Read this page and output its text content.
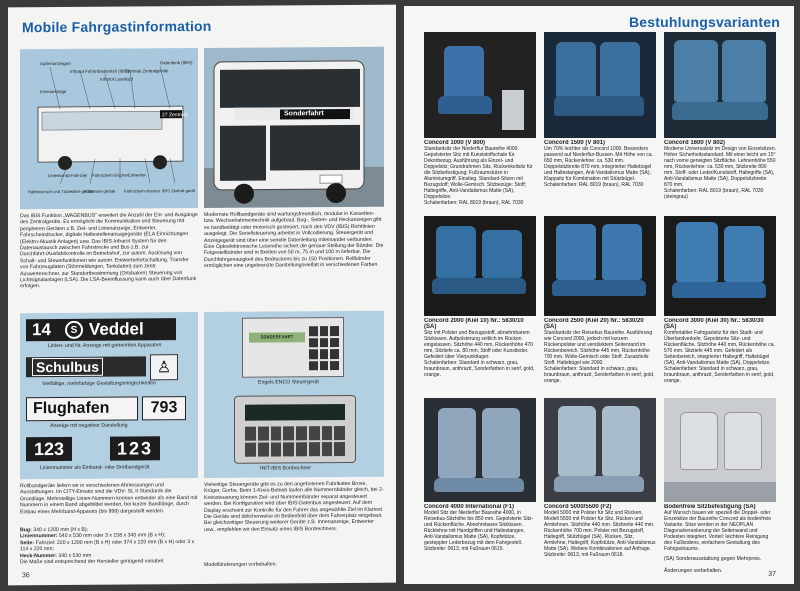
Mobile Fahrgastinformation
27 Zentrum
Außenanzeigen
Infrarot Fahrerbedienteil (IBIS)
Infrarot Lesekopf
Zentrale Zentralgeräte
Datenfunk (IBIS)
Innenanzeige
Linienschild Fahrtziel Fahrschein-drucker Entwerter
Haltewunsch und Türbedien-geräte
Türsteuer-geräte Fahrschein-drucker IBIS Zentral-gerät
Sonderfahrt
Das IBIS Funktion „WAGENBUS" erweitert die Anzahl der Ein- und Ausgänge des Zentralgeräts. Es ermöglicht die Kommunikation und Steuerung mit peripheren Geräten z.B. Ziel- und Linienanzeige, Entwerter, Fahrscheindrucker, digitale Haltestellenansagegeräte (ELA Einrichtungen (Elektro-Akustik Anlagen) usw. Das IBIS-Infrarot System für den Datenaustausch zwischen Fahrstrecke und Bus z.B. zur Durchfahrt-/Ausfahrkontrolle im Betriebshof, zur autom. Auslösung von Schalt- und Steuerfunktionen wie autom. Entwerterfortschaltung, Transfer von Fahrzeugdaten (Störmeldungen, Tankdaten) zum zentr. Auswerterechner, zur Standortbestimmung (Ortsbaken) Steuerung von Lichtsignalanlagen (LSA). Die LSA-Beeinflussung kann auch über Datenfunk erfolgen.
Modernste Rollbandgeräte sind wartungsfreundlich, modular in Kassetten- bzw. Wechselrahmentechnik aufgebaut. Bug-, Seiten- und Heckanzeigen gibt es handbetätigt oder motorisch gesteuert, nach den VDV (IBIS) Richtlinien ausgelegt. Die Seriellsteuerung arbeitet in Vollcodierung. Steuergerät und Anzeigegerät sind über eine serielle Datenleitung miteinander verbunden. Eine Optoelektronische Lesereihe sichert die genaue Stellung der Bänder. Die Folgestellbänder sind in Breiten von 50 m, 75 m und 100 m lieferbar. Die Durchfahrgenauigkeit des Bedruckens bis zu 150 Positionen. Rollbänder ermöglichen eine ungebrenzte Darstellungsvielfalt in verschiedenen Farben.
14	S Veddel
Linien- und Nr. Anzeige mit getrennten Apparaten
Schulbus	♙
Vielfältige, mehrfarbige Gestaltungsmöglichkeiten
Flughafen	793
Anzeige mit negativer Darstellung
123	123
Liniennummer als Einband- oder Dreibandgerät
SONDERFAHRT
Engels ENCO Steuergerät
INIT-IBIS Bordrechner
Rollbandgeräte liefern wir in verschiedenen Abmessungen und Ausstattungen. Im CITY-Einsatz sind die VDV- SL II Standards die Grundlage. Mehrstellige Linien-Nummern können entweder als eine Band mit Nummern in einem Band abgebildet werden, bei kurzer Bandlänge, durch Einbau eines Mehrband-Apparats (bis 999) dargestellt werden.
Bug: 340 x 1200 mm (H x B);
Liniennummer: 540 x 530 mm oder 3 x 158 x 340 mm (B x H);
Seite: Fahrziel: 220 x 1200 mm (B x H) oder 374 x 220 mm (B x H) oder 3 x 114 x 220 mm;
Heck-Nummer: 340 x 530 mm
Die Maße sind entsprechend der Hersteller genügend variabel.
Vielseitige Steuergeräte gibt es zu den angebotenen Fabrikaten Brose, Krüger, Gorba. Beim 1-Kreis-Betrieb laufen alle Nummernbänder gleich, bei 2-Kreissteuerung können Ziel- und Nummernbänder separat angesteuert werden. Bei Konfiguration wird über IBIS-Datenbus angesteuert. Auf dem Display erscheint zur Kontrolle für den Fahrer das angewählte Ziel im Klartext. Die Geräte sind üblicherweise im Bedienfeld über dem Fahrerplatz eingebaut. Bei gleichzeitiger Steuerung weiterer Geräte z.B. Innenanzeige, Entwerter usw., empfehlen wir den Einsatz eines IBIS Bordrechners.
Modelländerungen vorbehalten.
36
Bestuhlungsvarianten
Concord 1000 (V 800)
Standardsitz der Niederflur Baureihe 4000. Gepolsterter Sitz mit Kunststoffschale für Dekorbezug. Ausführung als Einzel- und Doppelsitz; Grundrahmen Sitz, Rückenkeilsitz für die Sitzbefestigung; Fußraumstütze in Aluminiumgriff. Einstieg. Standard-Sitzen mit Bezugstoff; Wolle-Gemisch. Sitzbezüge: Stoff; Haltegriffe, Anti-Vandalismus Matte (SA), Doppelsitze.
Schalenfarben: RAL 8019 (braun), RAL 7030
Concord 1500 (V 801)
Um 70% leichter als Concord 1000. Besonders passend auf Niederflur-Bussen. Mit Höhe von ca. 650 mm, Rückenlehne: ca. 530 mm. Doppelsitzbreite 870 mm, integrierter Haltebügel und Haltestangen, Anti-Vandalismus Matte (SA), Klappsitz für Kombination mit Stützbügel.
Schalenfarben: RAL 8019 (braun), RAL 7030
Concord 1600 (V 802)
Moderne Universalsitz im Design von Einzelsitzen. Hoher Sicherheitsstandard. Mit einer leicht um 15° nach vorne geneigten Sitzfläche. Lehnenhöhe 550 mm, Rückenlehne: ca. 530 mm, Sitzbreite 890 mm. Stoff- oder Leder/Kunststoff, Haltegriffe (SA), Anti-Vandalismus Matte (SA), Doppelsitzbreite 870 mm.
Schalenfarben: RAL 8019 (braun), RAL 7030 (steingrau)
Concord 2000 (Kiel 10) Nr.: 5830/10 (SA)
Sitz mit Polster und Bezugsstoff, abnehmbarem Sitzkissen. Aufpolsterung seitlich im Rücken eingelassen. Sitzhöhe 440 mm, Rückenhöhe 470 mm, Sitztiefe ca. 80 mm, Stoff oder Kunstleder. Gefedert über Vierpunktlager.
Schalenfarben: Standard in schwarz, grau, braunbraun, anthrazit, Sonderfarben in senf, gold, orange.
Concord 2500 (Kiel 20) Nr.: 5830/20 (SA)
Standardsitz der Reisebus Baureihe. Ausführung wie Concord 2000, jedoch mit kurzem Rückenpolster und verstärktem Seitenrand im Rückenbereich. Sitzhöhe 445 mm, Rückenhöhe 700 mm. Wolle-Gemisch oder Stoff. Zusatzteile Stoff. Haltebügel wie 2000.
Schalenfarben: Standard in schwarz, grau, braunbraun, anthrazit, Sonderfarben in senf, gold, orange.
Concord 3000 (Kiel 30) Nr.: 5830/30 (SA)
Komfortabler Fahrgastsitz für den Stadt- und Überlandverkehr. Gepolsterte Sitz- und Rückenfläche. Sitzhöhe 440 mm, Rückenhöhe ca. 570 mm. Sitztiefe 445 mm. Gefedert als Seitenbereich, integrierter Haltegriff, Haltebügel (SA), Anti-Vandalismus Matte (SA), Doppelsitze.
Schalenfarben: Standard in schwarz, grau, braunbraun, anthrazit, Sonderfarben in senf, gold, orange.
Concord 4000 International (F1)
Modell Sitz der Niederflur Baureihe 4000, in Reisebus-Sitzhöhe bis 850 mm. Gepolsterte Sitz- und Rückenfläche. Abnehmbares Sitzkissen. Rücklehne mit Handgriffen und Haltestangen, Anti-Vandalismus Matte (SA), Kopfstütze, gesteppter Lederbezug mit dem Fahrgestell.
Sitzbreite: 0613, mit Fußraum 0615.
Concord 5000/5500 (F2)
Modell 5000 mit Polster für Sitz und Rücken, Modell 5500 mit Polster für Sitz, Rücken und Armlehnen. Sitzhöhe 440 mm. Sitzbreite 440 mm. Rückenhöhe 700 mm. Polster mit Bezugstoff, Haltegriff, Stützbügel (SA). Rücken, Sitz, Armlehne, Haltegriff, Kopfstütze, Anti-Vandalismus Matte (SA). Weitere Kombinationen auf Anfrage.
Sitzbreite: 0613, mit Fußraum 0618.
Bodenfreie Sitzbefestigung (SA)
Auf Wunsch bauen wir speziell die Doppel- oder Einzelsitze der Baureihe Concord als bodenfreie Variante. Sitze werden in der NEOPLAN Diagonalverankerung der Seitenwand und Podesten integriert. Vorteil: leichtere Reinigung des Fußbodens, einfachere Gestaltung des Fahrgastraums.
(SA) Sonderausstattung gegen Mehrpreis.
Änderungen vorbehalten.	37
